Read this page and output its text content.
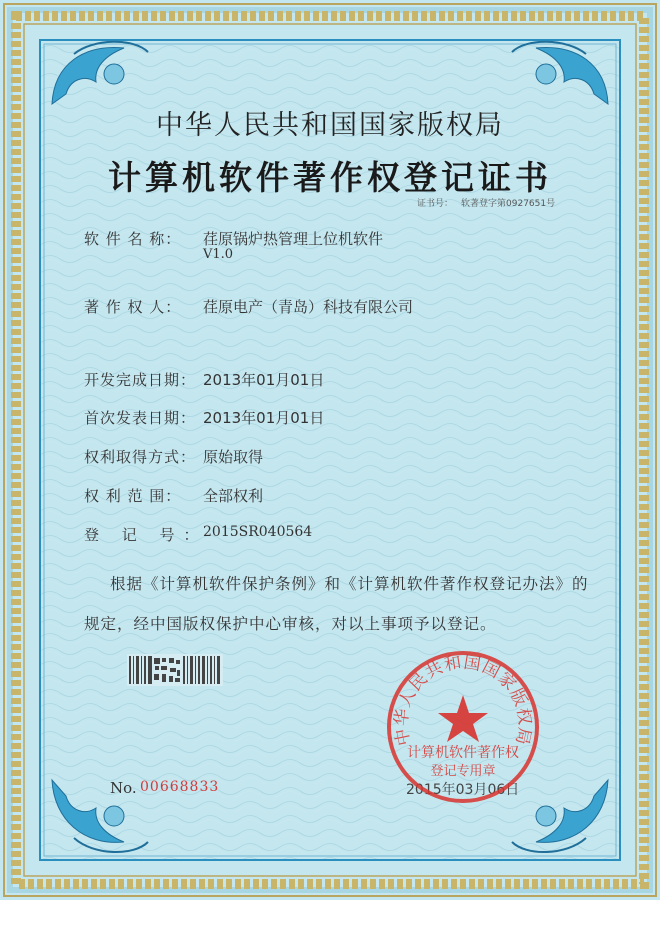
中华人民共和国国家版权局
计算机软件著作权登记证书
证书号： 软著登字第0927651号
软 件 名 称： 荏原锅炉热管理上位机软件
V1.0
著 作 权 人： 荏原电产（青岛）科技有限公司
开发完成日期： 2013年01月01日
首次发表日期： 2013年01月01日
权利取得方式： 原始取得
权 利 范 围： 全部权利
登 记 号：
2015SR040564
根据《计算机软件保护条例》和《计算机软件著作权登记办法》的
规定，经中国版权保护中心审核，对以上事项予以登记。
No. 00668833	2015年03月06日
中华人民共和国国家版权局
计算机软件著作权
登记专用章
